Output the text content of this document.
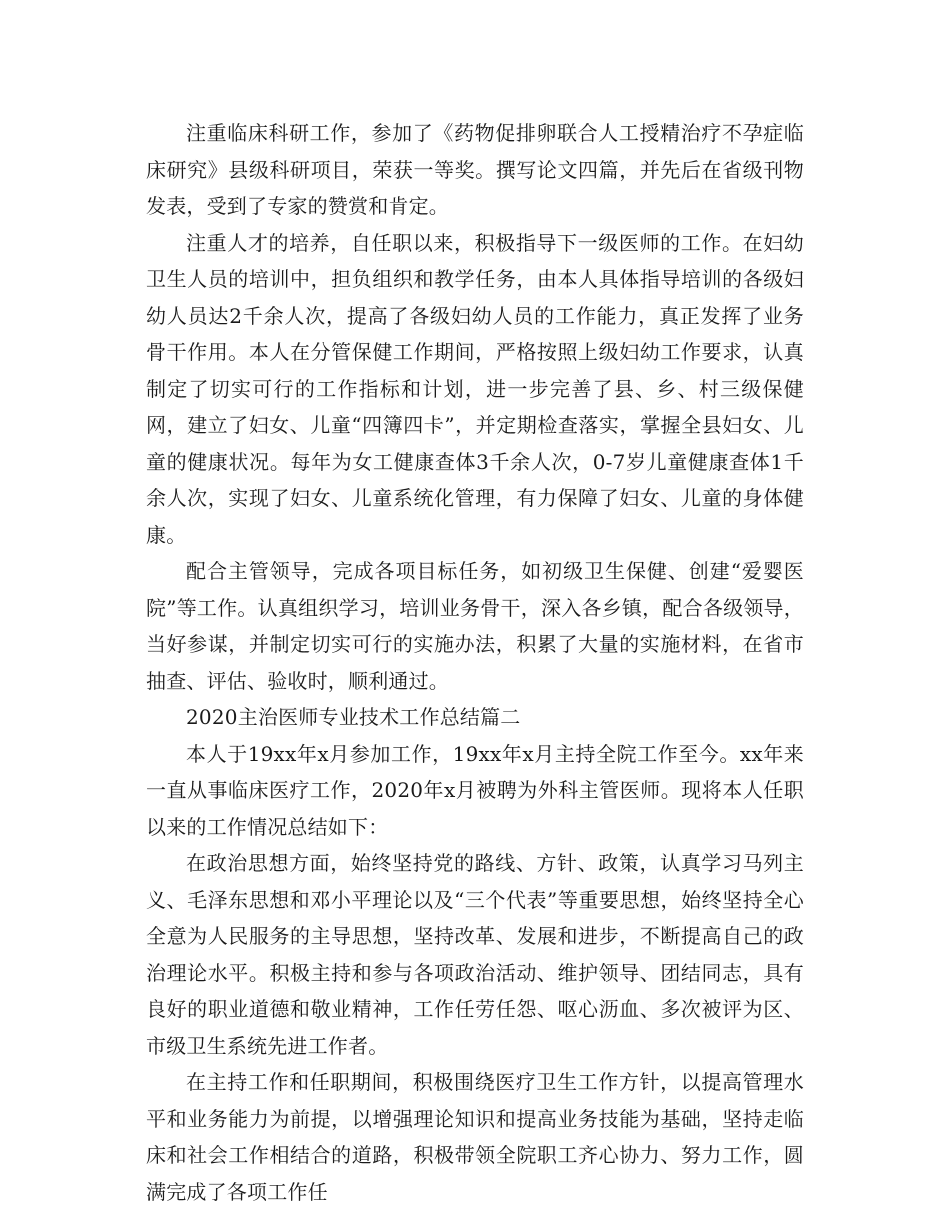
注重临床科研工作，参加了《药物促排卵联合人工授精治疗不孕症临床研究》县级科研项目，荣获一等奖。撰写论文四篇，并先后在省级刊物发表，受到了专家的赞赏和肯定。

注重人才的培养，自任职以来，积极指导下一级医师的工作。在妇幼卫生人员的培训中，担负组织和教学任务，由本人具体指导培训的各级妇幼人员达2千余人次，提高了各级妇幼人员的工作能力，真正发挥了业务骨干作用。本人在分管保健工作期间，严格按照上级妇幼工作要求，认真制定了切实可行的工作指标和计划，进一步完善了县、乡、村三级保健网，建立了妇女、儿童“四簿四卡”，并定期检查落实，掌握全县妇女、儿童的健康状况。每年为女工健康查体3千余人次，0-7岁儿童健康查体1千余人次，实现了妇女、儿童系统化管理，有力保障了妇女、儿童的身体健康。

配合主管领导，完成各项目标任务，如初级卫生保健、创建“爱婴医院”等工作。认真组织学习，培训业务骨干，深入各乡镇，配合各级领导，当好参谋，并制定切实可行的实施办法，积累了大量的实施材料，在省市抽查、评估、验收时，顺利通过。

2020主治医师专业技术工作总结篇二

本人于19xx年x月参加工作，19xx年x月主持全院工作至今。xx年来一直从事临床医疗工作，2020年x月被聘为外科主管医师。现将本人任职以来的工作情况总结如下：

在政治思想方面，始终坚持党的路线、方针、政策，认真学习马列主义、毛泽东思想和邓小平理论以及“三个代表”等重要思想，始终坚持全心全意为人民服务的主导思想，坚持改革、发展和进步，不断提高自己的政治理论水平。积极主持和参与各项政治活动、维护领导、团结同志，具有良好的职业道德和敬业精神，工作任劳任怨、呕心沥血、多次被评为区、市级卫生系统先进工作者。

在主持工作和任职期间，积极围绕医疗卫生工作方针，以提高管理水平和业务能力为前提，以增强理论知识和提高业务技能为基础，坚持走临床和社会工作相结合的道路，积极带领全院职工齐心协力、努力工作，圆满完成了各项工作任
